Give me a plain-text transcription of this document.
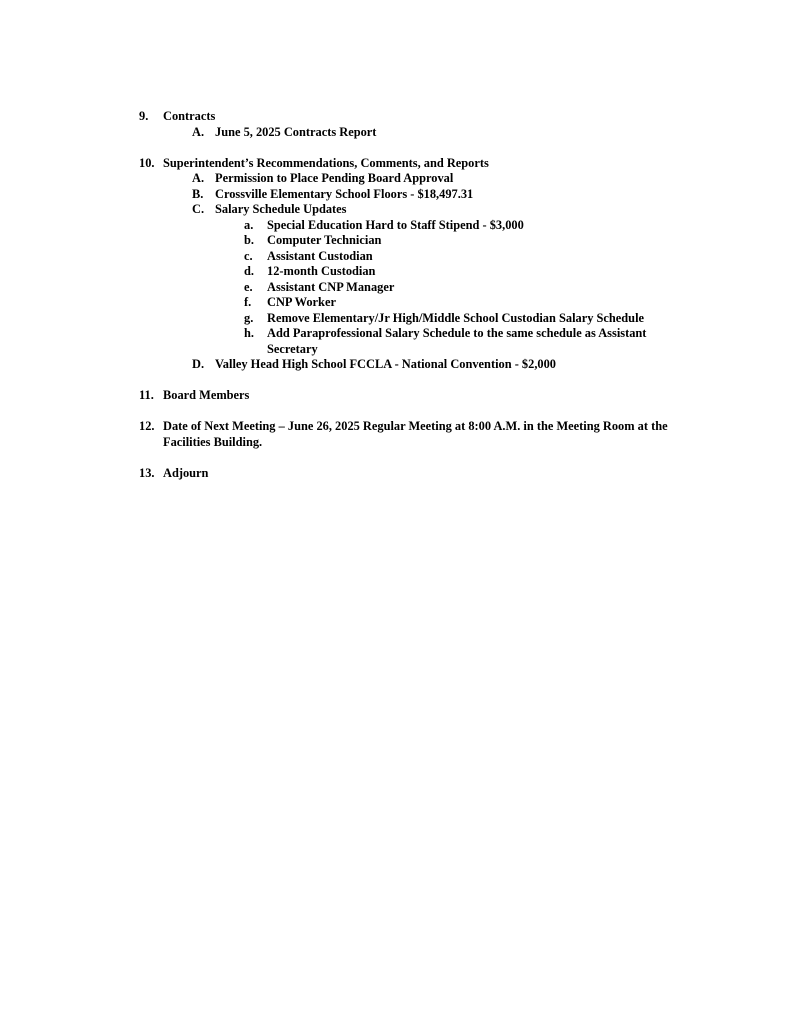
9. Contracts
A. June 5, 2025 Contracts Report
10. Superintendent’s Recommendations, Comments, and Reports
A. Permission to Place Pending Board Approval
B. Crossville Elementary School Floors - $18,497.31
C. Salary Schedule Updates
a. Special Education Hard to Staff Stipend - $3,000
b. Computer Technician
c. Assistant Custodian
d. 12-month Custodian
e. Assistant CNP Manager
f. CNP Worker
g. Remove Elementary/Jr High/Middle School Custodian Salary Schedule
h. Add Paraprofessional Salary Schedule to the same schedule as Assistant
Secretary
D. Valley Head High School FCCLA - National Convention - $2,000
11. Board Members
12. Date of Next Meeting – June 26, 2025 Regular Meeting at 8:00 A.M. in the Meeting Room at the
Facilities Building.
13. Adjourn
